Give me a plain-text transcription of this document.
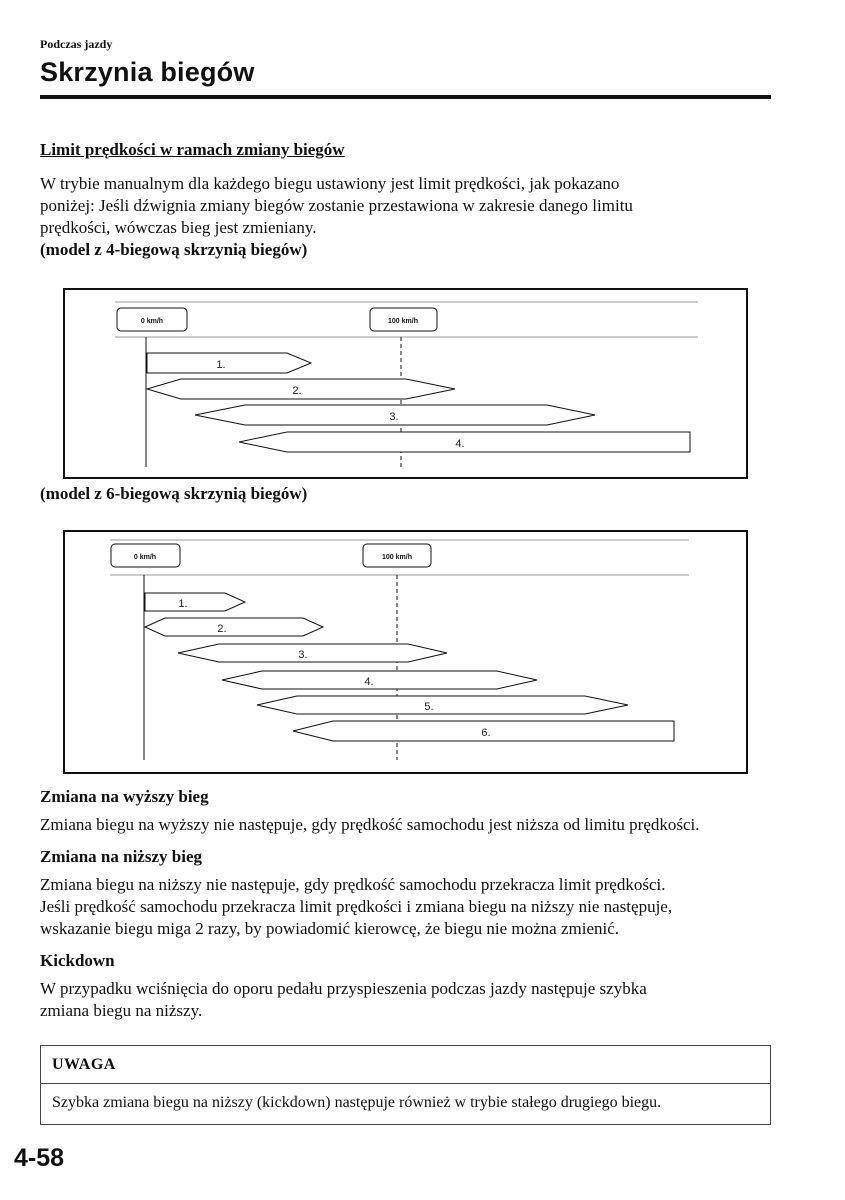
Podczas jazdy
Skrzynia biegów
Limit prędkości w ramach zmiany biegów

W trybie manualnym dla każdego biegu ustawiony jest limit prędkości, jak pokazano
poniżej: Jeśli dźwignia zmiany biegów zostanie przestawiona w zakresie danego limitu
prędkości, wówczas bieg jest zmieniany.

(model z 4-biegową skrzynią biegów)
0 km/h	100 km/h
1.
2.
3.
4.
(model z 6-biegową skrzynią biegów)
0 km/h	100 km/h
1.
2.
3.
4.
5.
6.
Zmiana na wyższy bieg
Zmiana biegu na wyższy nie następuje, gdy prędkość samochodu jest niższa od limitu prędkości.
Zmiana na niższy bieg

Zmiana biegu na niższy nie następuje, gdy prędkość samochodu przekracza limit prędkości.
Jeśli prędkość samochodu przekracza limit prędkości i zmiana biegu na niższy nie następuje,
wskazanie biegu miga 2 razy, by powiadomić kierowcę, że biegu nie można zmienić.

Kickdown

W przypadku wciśnięcia do oporu pedału przyspieszenia podczas jazdy następuje szybka
zmiana biegu na niższy.

UWAGA
Szybka zmiana biegu na niższy (kickdown) następuje również w trybie stałego drugiego biegu.
4-58
